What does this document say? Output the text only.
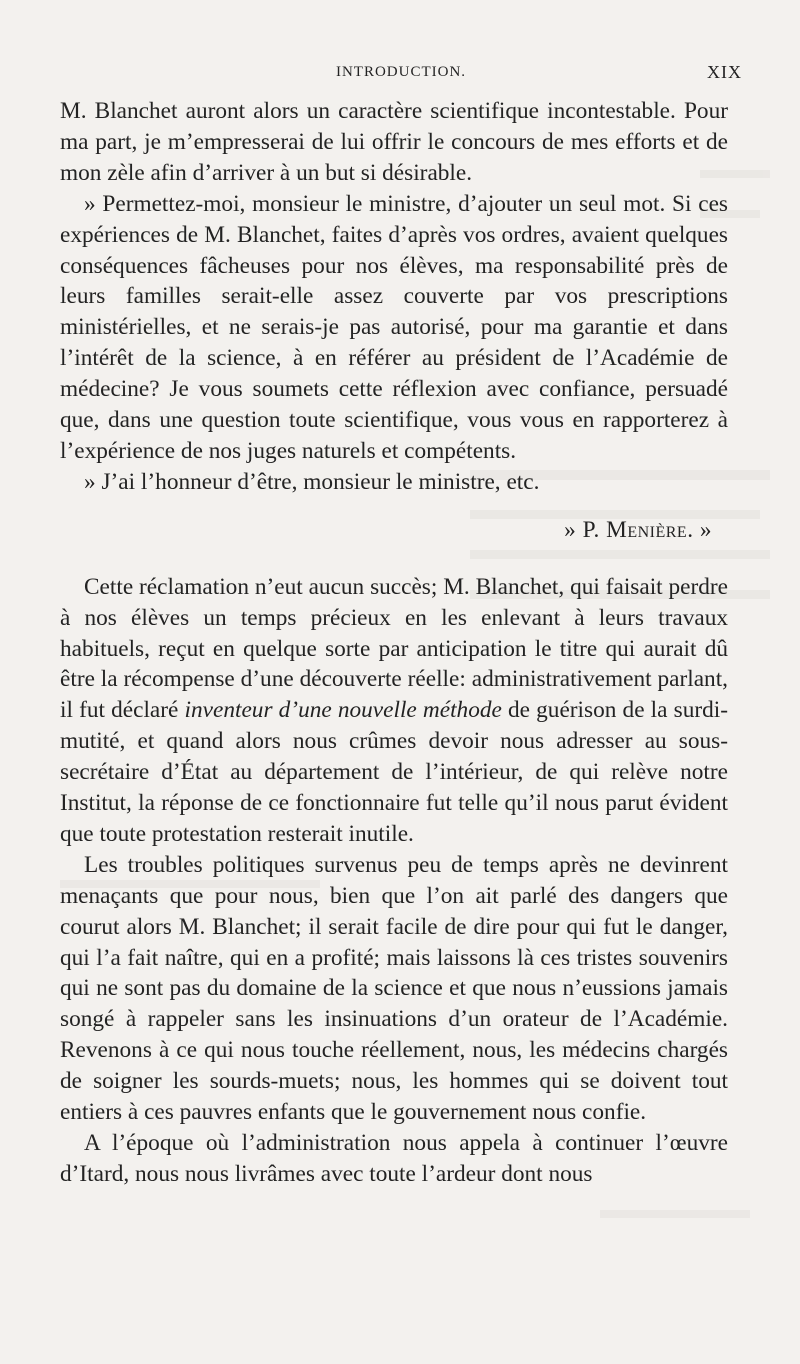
INTRODUCTION.	XIX

M. Blanchet auront alors un caractère scientifique incontestable. Pour ma part, je m’empresserai de lui offrir le concours de mes efforts et de mon zèle afin d’arriver à un but si désirable.

» Permettez-moi, monsieur le ministre, d’ajouter un seul mot. Si ces expériences de M. Blanchet, faites d’après vos ordres, avaient quelques conséquences fâcheuses pour nos élèves, ma responsabilité près de leurs familles serait-elle assez couverte par vos prescriptions ministérielles, et ne serais-je pas autorisé, pour ma garantie et dans l’intérêt de la science, à en référer au président de l’Académie de médecine? Je vous soumets cette réflexion avec confiance, persuadé que, dans une question toute scientifique, vous vous en rapporterez à l’expérience de nos juges naturels et compétents.

» J’ai l’honneur d’être, monsieur le ministre, etc.

» P. Menière. »

Cette réclamation n’eut aucun succès; M. Blanchet, qui faisait perdre à nos élèves un temps précieux en les enlevant à leurs travaux habituels, reçut en quelque sorte par anticipation le titre qui aurait dû être la récompense d’une découverte réelle: administrativement parlant, il fut déclaré inventeur d’une nouvelle méthode de guérison de la surdi-mutité, et quand alors nous crûmes devoir nous adresser au sous-secrétaire d’État au département de l’intérieur, de qui relève notre Institut, la réponse de ce fonctionnaire fut telle qu’il nous parut évident que toute protestation resterait inutile.

Les troubles politiques survenus peu de temps après ne devinrent menaçants que pour nous, bien que l’on ait parlé des dangers que courut alors M. Blanchet; il serait facile de dire pour qui fut le danger, qui l’a fait naître, qui en a profité; mais laissons là ces tristes souvenirs qui ne sont pas du domaine de la science et que nous n’eussions jamais songé à rappeler sans les insinuations d’un orateur de l’Académie. Revenons à ce qui nous touche réellement, nous, les médecins chargés de soigner les sourds-muets; nous, les hommes qui se doivent tout entiers à ces pauvres enfants que le gouvernement nous confie.

A l’époque où l’administration nous appela à continuer l’œuvre d’Itard, nous nous livrâmes avec toute l’ardeur dont nous
